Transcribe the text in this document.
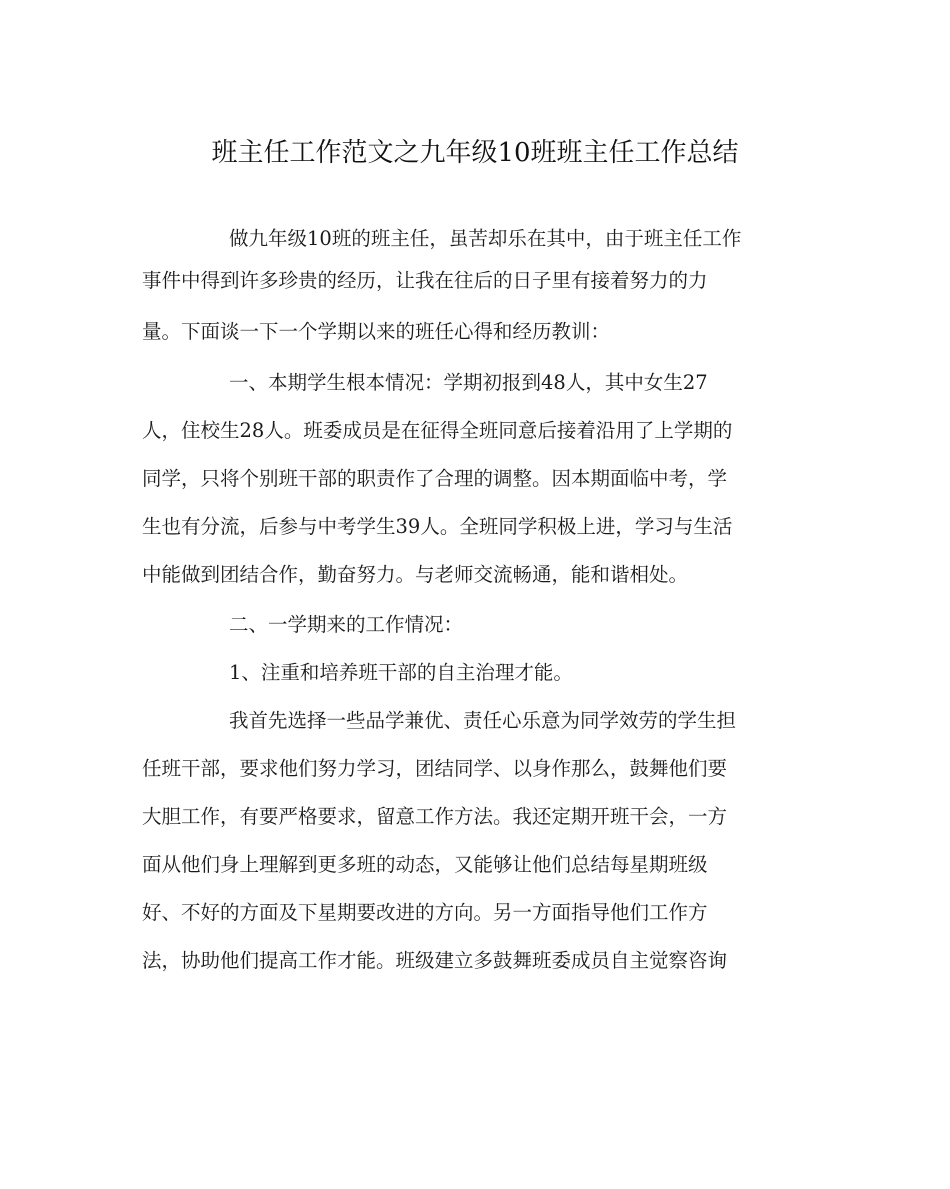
班主任工作范文之九年级10班班主任工作总结
做九年级10班的班主任，虽苦却乐在其中，由于班主任工作
事件中得到许多珍贵的经历，让我在往后的日子里有接着努力的力
量。下面谈一下一个学期以来的班任心得和经历教训：
一、本期学生根本情况：学期初报到48人，其中女生27
人，住校生28人。班委成员是在征得全班同意后接着沿用了上学期的
同学，只将个别班干部的职责作了合理的调整。因本期面临中考，学
生也有分流，后参与中考学生39人。全班同学积极上进，学习与生活
中能做到团结合作，勤奋努力。与老师交流畅通，能和谐相处。
二、一学期来的工作情况：
1、注重和培养班干部的自主治理才能。
我首先选择一些品学兼优、责任心乐意为同学效劳的学生担
任班干部，要求他们努力学习，团结同学、以身作那么，鼓舞他们要
大胆工作，有要严格要求，留意工作方法。我还定期开班干会，一方
面从他们身上理解到更多班的动态，又能够让他们总结每星期班级
好、不好的方面及下星期要改进的方向。另一方面指导他们工作方
法，协助他们提高工作才能。班级建立多鼓舞班委成员自主觉察咨询
